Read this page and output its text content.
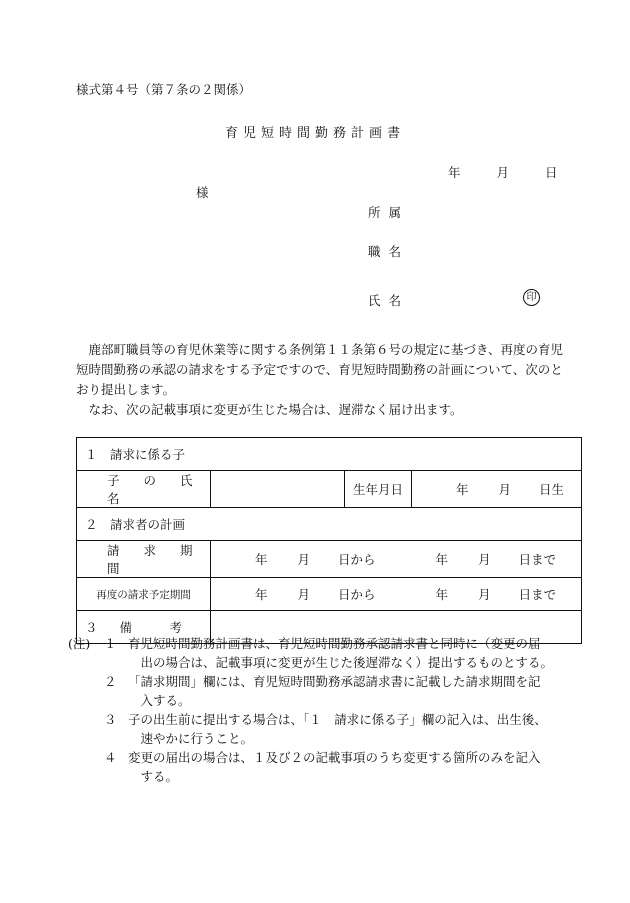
様式第４号（第７条の２関係）
育児短時間勤務計画書
年	月	日
様
所属
職名
氏名	印

鹿部町職員等の育児休業等に関する条例第１１条第６号の規定に基づき、再度の育児短時間勤務の承認の請求をする予定ですので、育児短時間勤務の計画について、次のとおり提出します。

なお、次の記載事項に変更が生じた場合は、遅滞なく届け出ます。

１　請求に係る子			
子 の 氏 名		生年月日	年 月 日生
２　請求者の計画			
請 求 期 間	年 月 日から 年 月 日まで		
再度の請求予定期間	年 月 日から 年 月 日まで		
３ 備　　　考			
(注) １ 育児短時間勤務計画書は、育児短時間勤務承認請求書と同時に（変更の届
出の場合は、記載事項に変更が生じた後遅滞なく）提出するものとする。
２ 「請求期間」欄には、育児短時間勤務承認請求書に記載した請求期間を記
入する。
３ 子の出生前に提出する場合は、「１　請求に係る子」欄の記入は、出生後、
速やかに行うこと。
４ 変更の届出の場合は、１及び２の記載事項のうち変更する箇所のみを記入
する。
